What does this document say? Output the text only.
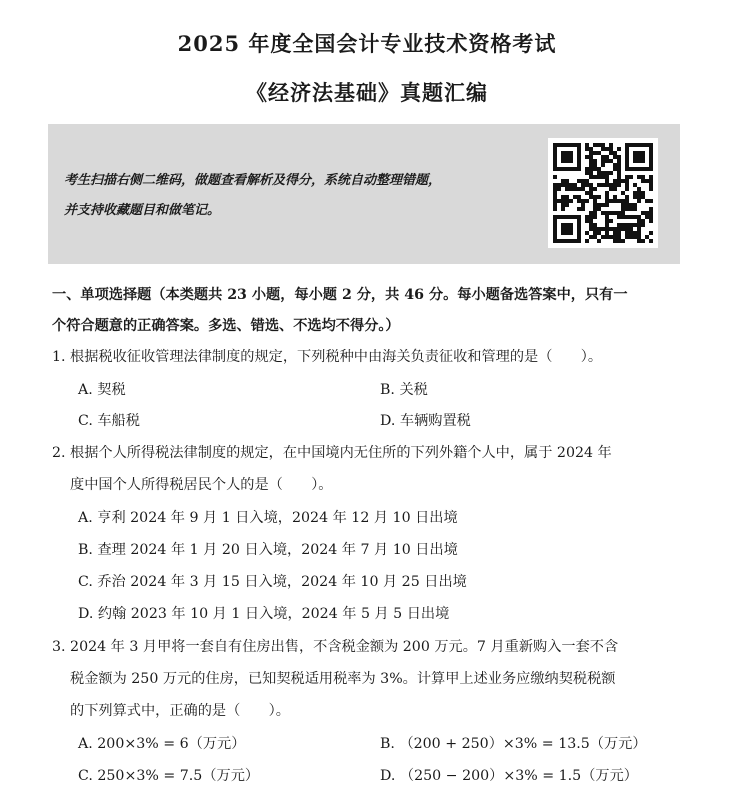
2025 年度全国会计专业技术资格考试
《经济法基础》真题汇编
考生扫描右侧二维码，做题查看解析及得分，系统自动整理错题，
并支持收藏题目和做笔记。
一、单项选择题（本类题共 23 小题，每小题 2 分，共 46 分。每小题备选答案中，只有一
个符合题意的正确答案。多选、错选、不选均不得分。）
1. 根据税收征收管理法律制度的规定，下列税种中由海关负责征收和管理的是（　　）。
A. 契税	B. 关税
C. 车船税	D. 车辆购置税
2. 根据个人所得税法律制度的规定，在中国境内无住所的下列外籍个人中，属于 2024 年
度中国个人所得税居民个人的是（　　）。
A. 亨利 2024 年 9 月 1 日入境，2024 年 12 月 10 日出境
B. 查理 2024 年 1 月 20 日入境，2024 年 7 月 10 日出境
C. 乔治 2024 年 3 月 15 日入境，2024 年 10 月 25 日出境
D. 约翰 2023 年 10 月 1 日入境，2024 年 5 月 5 日出境
3. 2024 年 3 月甲将一套自有住房出售，不含税金额为 200 万元。7 月重新购入一套不含
税金额为 250 万元的住房，已知契税适用税率为 3%。计算甲上述业务应缴纳契税税额
的下列算式中，正确的是（　　）。
A. 200×3% = 6（万元）	B. （200 + 250）×3% = 13.5（万元）
C. 250×3% = 7.5（万元）	D. （250 − 200）×3% = 1.5（万元）
